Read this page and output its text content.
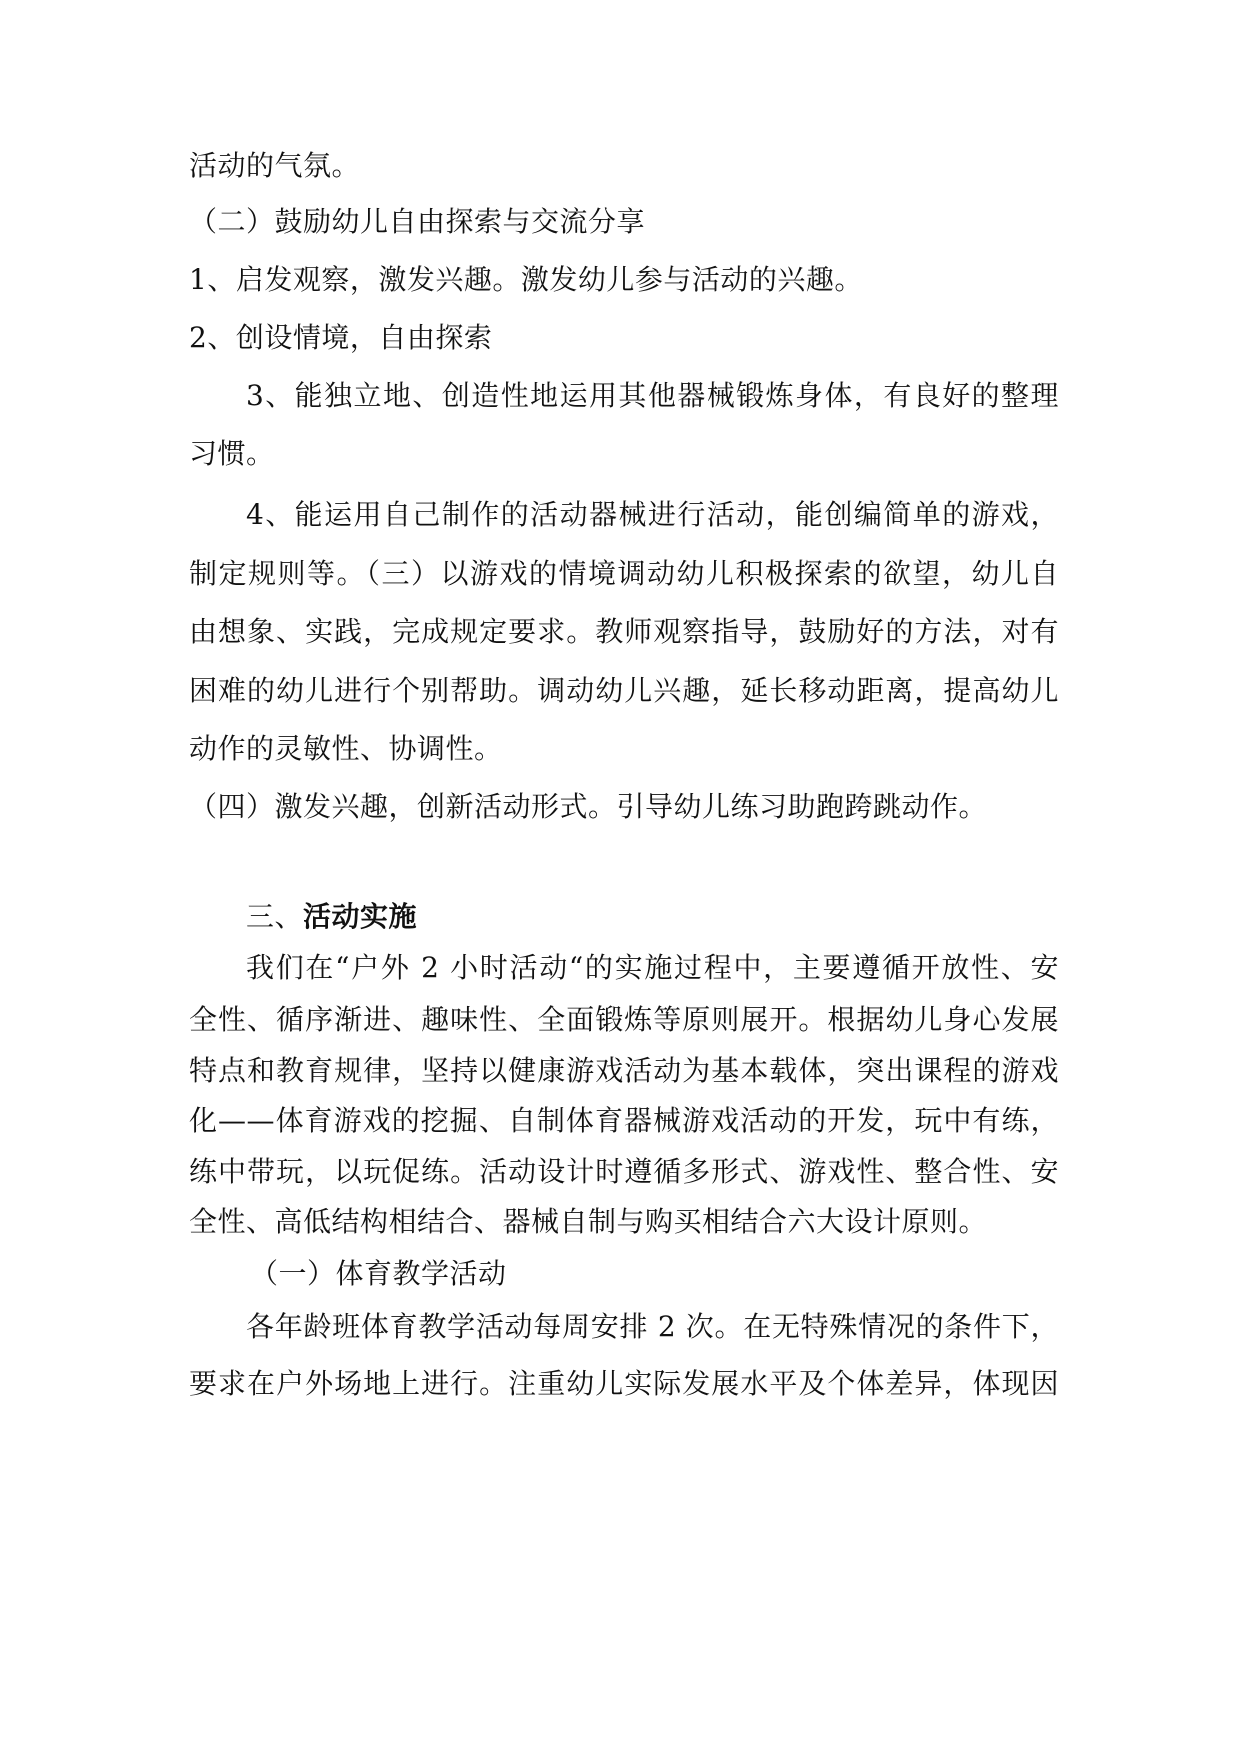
活动的气氛。
（二）鼓励幼儿自由探索与交流分享
1、启发观察，激发兴趣。激发幼儿参与活动的兴趣。
2、创设情境，自由探索
3、能独立地、创造性地运用其他器械锻炼身体，有良好的整理
习惯。
4、能运用自己制作的活动器械进行活动，能创编简单的游戏，
制定规则等。（三）以游戏的情境调动幼儿积极探索的欲望，幼儿自
由想象、实践，完成规定要求。教师观察指导，鼓励好的方法，对有
困难的幼儿进行个别帮助。调动幼儿兴趣，延长移动距离，提高幼儿
动作的灵敏性、协调性。
（四）激发兴趣，创新活动形式。引导幼儿练习助跑跨跳动作。
三、活动实施
我们在“户外 2 小时活动“的实施过程中，主要遵循开放性、安
全性、循序渐进、趣味性、全面锻炼等原则展开。根据幼儿身心发展
特点和教育规律，坚持以健康游戏活动为基本载体，突出课程的游戏
化——体育游戏的挖掘、自制体育器械游戏活动的开发，玩中有练，
练中带玩，以玩促练。活动设计时遵循多形式、游戏性、整合性、安
全性、高低结构相结合、器械自制与购买相结合六大设计原则。
（一）体育教学活动
各年龄班体育教学活动每周安排 2 次。在无特殊情况的条件下，
要求在户外场地上进行。注重幼儿实际发展水平及个体差异，体现因
